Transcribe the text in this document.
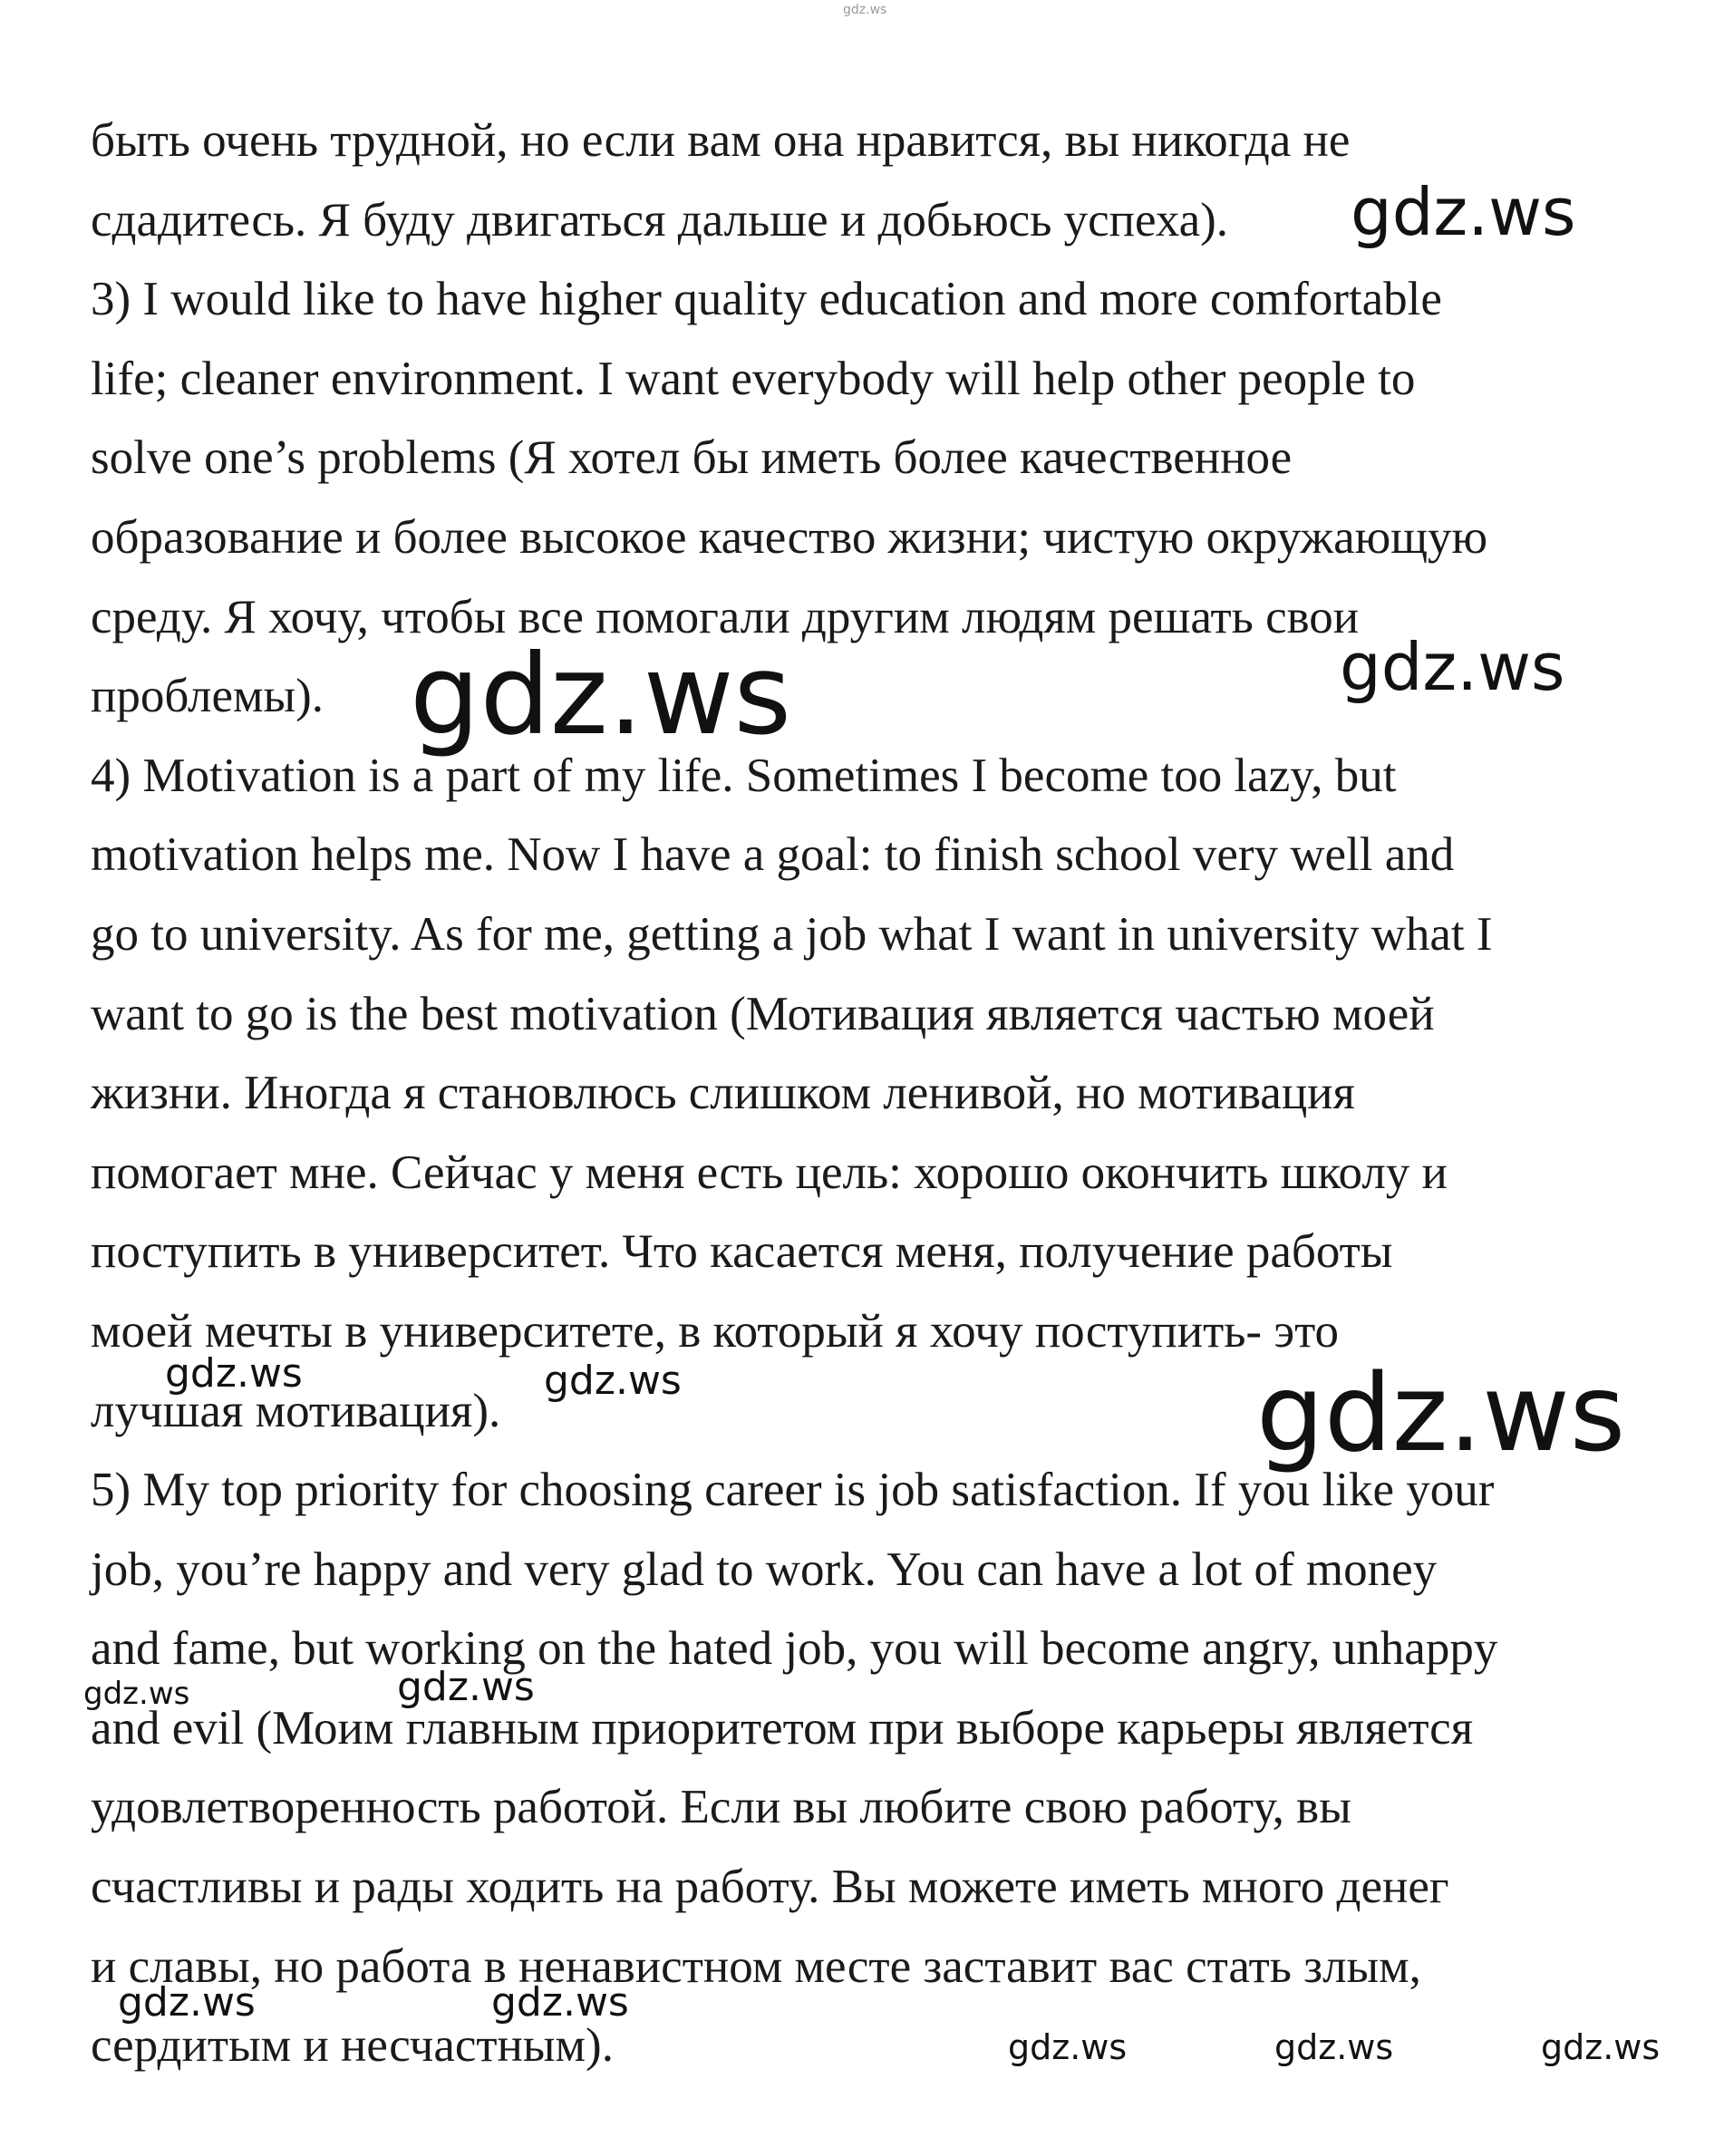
быть очень трудной, но если вам она нравится, вы никогда не
сдадитесь. Я буду двигаться дальше и добьюсь успеха).
3) I would like to have higher quality education and more comfortable
life; cleaner environment. I want everybody will help other people to
solve one’s problems (Я хотел бы иметь более качественное
образование и более высокое качество жизни; чистую окружающую
среду. Я хочу, чтобы все помогали другим людям решать свои
проблемы).
4) Motivation is a part of my life. Sometimes I become too lazy, but
motivation helps me. Now I have a goal: to finish school very well and
go to university. As for me, getting a job what I want in university what I
want to go is the best motivation (Мотивация является частью моей
жизни. Иногда я становлюсь слишком ленивой, но мотивация
помогает мне. Сейчас у меня есть цель: хорошо окончить школу и
поступить в университет. Что касается меня, получение работы
моей мечты в университете, в который я хочу поступить- это
лучшая мотивация).
5) My top priority for choosing career is job satisfaction. If you like your
job, you’re happy and very glad to work. You can have a lot of money
and fame, but working on the hated job, you will become angry, unhappy
and evil (Моим главным приоритетом при выборе карьеры является
удовлетворенность работой. Если вы любите свою работу, вы
счастливы и рады ходить на работу. Вы можете иметь много денег
и славы, но работа в ненавистном месте заставит вас стать злым,
сердитым и несчастным).
gdz.ws
gdz.ws
gdz.ws	gdz.ws
gdz.ws	gdz.ws	gdz.ws
gdz.ws	gdz.ws
gdz.ws	gdz.ws
gdz.ws	gdz.ws	gdz.ws
